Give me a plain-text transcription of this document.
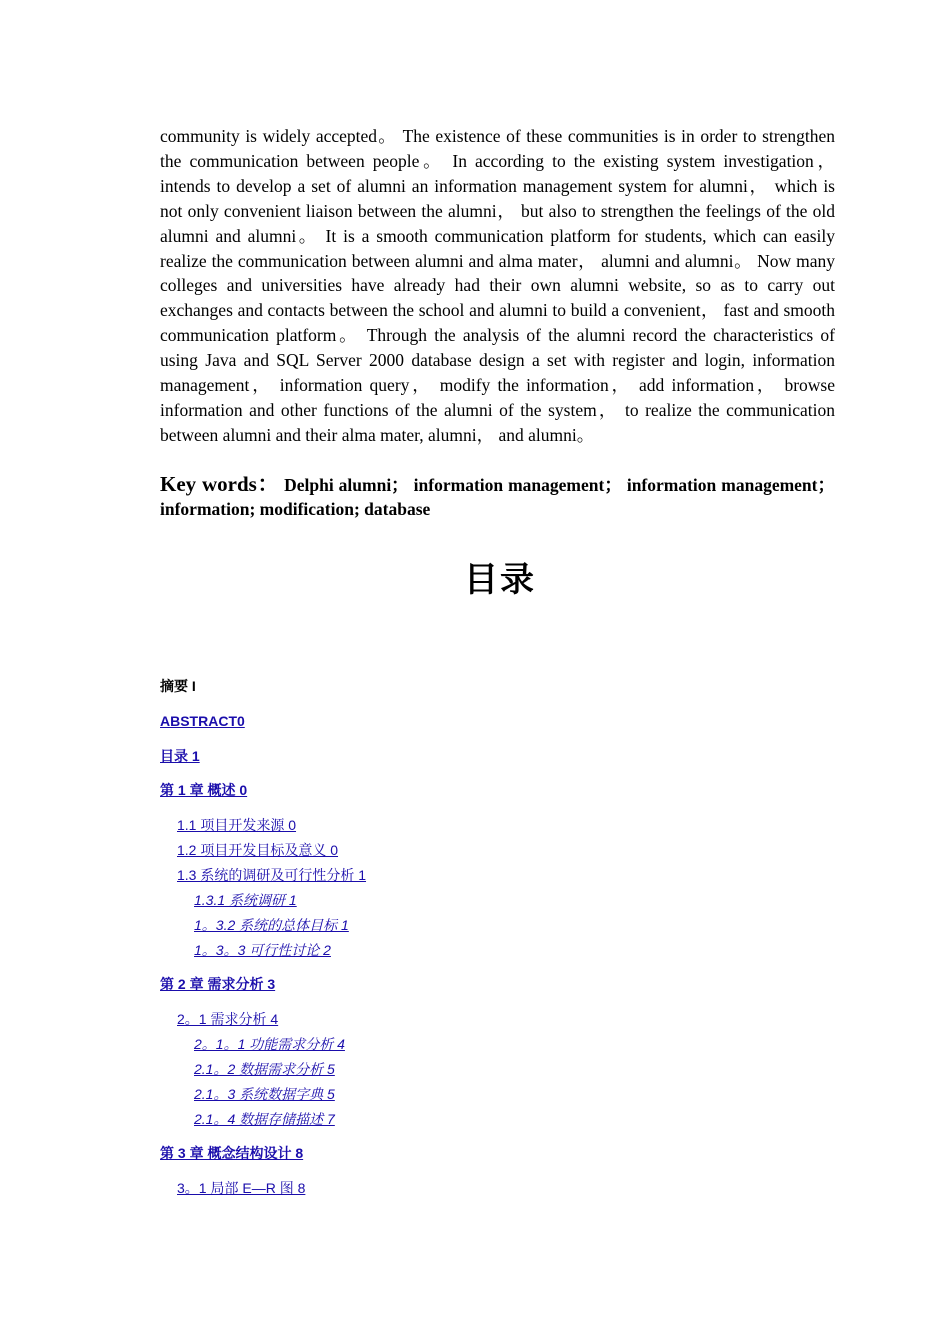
community is widely accepted。 The existence of these communities is in order to strengthen the communication between people。 In according to the existing system investigation， intends to develop a set of alumni an information management system for alumni， which is not only convenient liaison between the alumni， but also to strengthen the feelings of the old alumni and alumni。 It is a smooth communication platform for students, which can easily realize the communication between alumni and alma mater， alumni and alumni。 Now many colleges and universities have already had their own alumni website, so as to carry out exchanges and contacts between the school and alumni to build a convenient， fast and smooth communication platform。 Through the analysis of the alumni record the characteristics of using Java and SQL Server 2000 database design a set with register and login, information management， information query， modify the information， add information， browse information and other functions of the alumni of the system， to realize the communication between alumni and their alma mater, alumni， and alumni。

Key words： Delphi alumni； information management； information management； information; modification; database

目录
摘要 I
ABSTRACT0
目录 1
第 1 章 概述 0
1.1 项目开发来源 0
1.2 项目开发目标及意义 0
1.3 系统的调研及可行性分析 1
1.3.1 系统调研 1
1。3.2 系统的总体目标 1
1。3。3 可行性讨论 2
第 2 章 需求分析 3
2。1 需求分析 4
2。1。1 功能需求分析 4
2.1。2 数据需求分析 5
2.1。3 系统数据字典 5
2.1。4 数据存储描述 7
第 3 章 概念结构设计 8
3。1 局部 E—R 图 8
